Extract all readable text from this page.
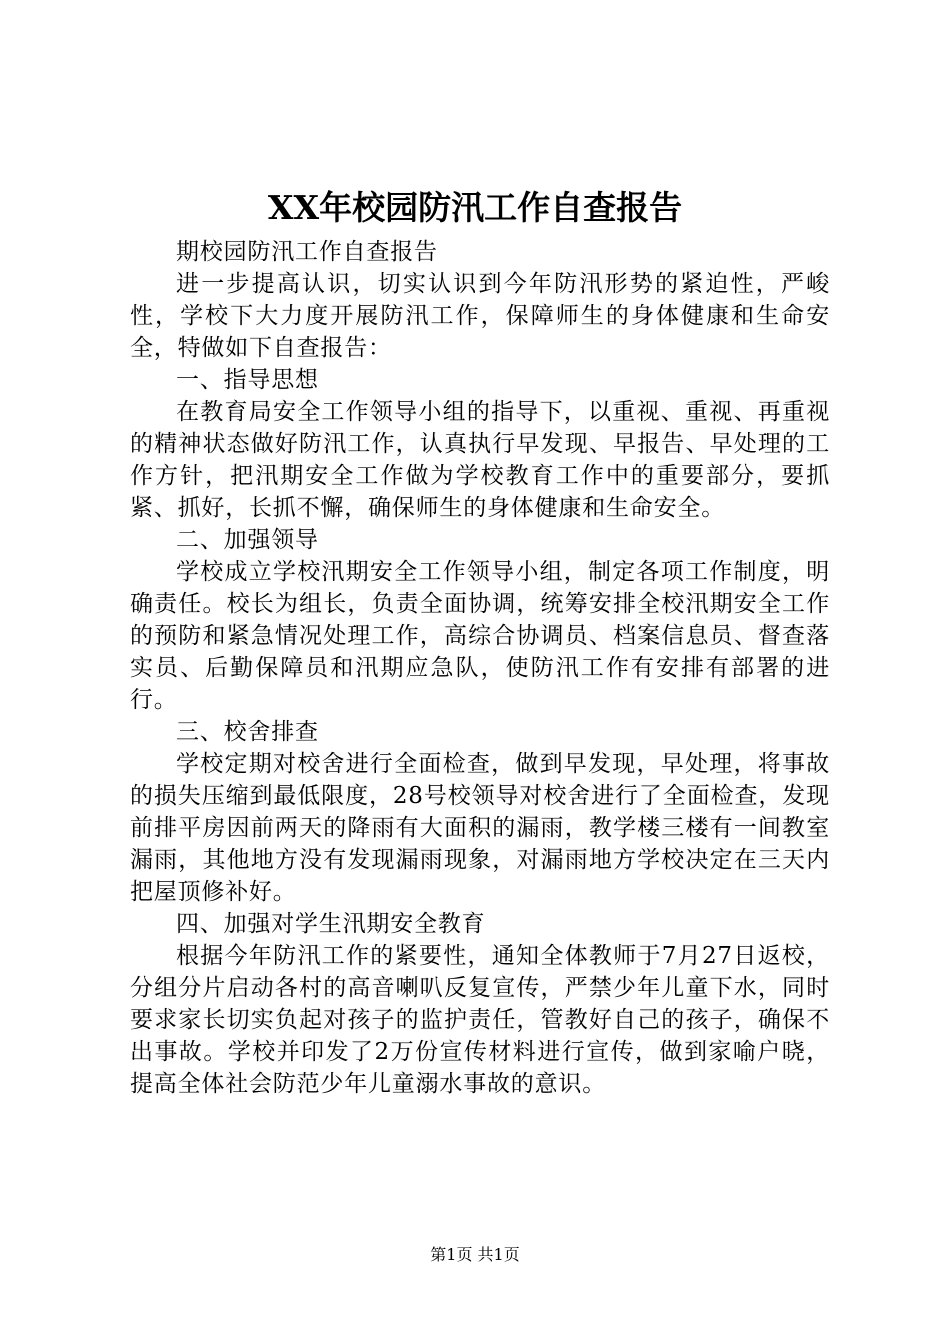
XX年校园防汛工作自查报告

期校园防汛工作自查报告

进一步提高认识，切实认识到今年防汛形势的紧迫性，严峻性，学校下大力度开展防汛工作，保障师生的身体健康和生命安全，特做如下自查报告：

一、指导思想

在教育局安全工作领导小组的指导下，以重视、重视、再重视的精神状态做好防汛工作，认真执行早发现、早报告、早处理的工作方针，把汛期安全工作做为学校教育工作中的重要部分，要抓紧、抓好，长抓不懈，确保师生的身体健康和生命安全。

二、加强领导

学校成立学校汛期安全工作领导小组，制定各项工作制度，明确责任。校长为组长，负责全面协调，统筹安排全校汛期安全工作的预防和紧急情况处理工作，高综合协调员、档案信息员、督查落实员、后勤保障员和汛期应急队，使防汛工作有安排有部署的进行。

三、校舍排查

学校定期对校舍进行全面检查，做到早发现，早处理，将事故的损失压缩到最低限度，28号校领导对校舍进行了全面检查，发现前排平房因前两天的降雨有大面积的漏雨，教学楼三楼有一间教室漏雨，其他地方没有发现漏雨现象，对漏雨地方学校决定在三天内把屋顶修补好。

四、加强对学生汛期安全教育

根据今年防汛工作的紧要性，通知全体教师于7月27日返校，分组分片启动各村的高音喇叭反复宣传，严禁少年儿童下水，同时要求家长切实负起对孩子的监护责任，管教好自己的孩子，确保不出事故。学校并印发了2万份宣传材料进行宣传，做到家喻户晓，提高全体社会防范少年儿童溺水事故的意识。

第1页 共1页
